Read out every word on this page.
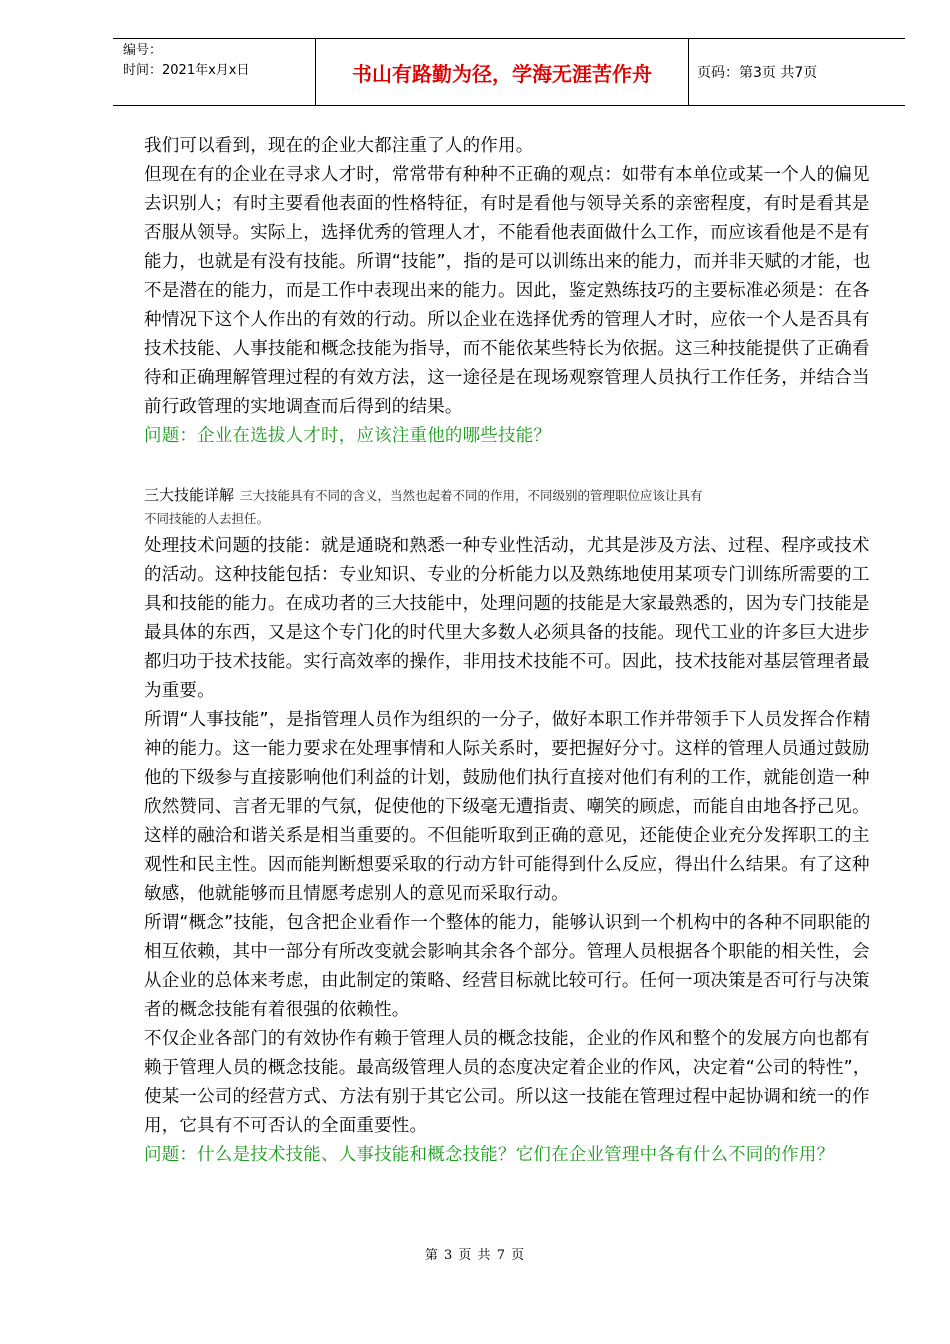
编号：
时间：2021年x月x日	书山有路勤为径，学海无涯苦作舟	页码：第3页 共7页

我们可以看到，现在的企业大都注重了人的作用。

但现在有的企业在寻求人才时，常常带有种种不正确的观点：如带有本单位或某一个人的偏见去识别人；有时主要看他表面的性格特征，有时是看他与领导关系的亲密程度，有时是看其是否服从领导。实际上，选择优秀的管理人才，不能看他表面做什么工作，而应该看他是不是有能力，也就是有没有技能。所谓“技能”，指的是可以训练出来的能力，而并非天赋的才能，也不是潜在的能力，而是工作中表现出来的能力。因此，鉴定熟练技巧的主要标准必须是：在各种情况下这个人作出的有效的行动。所以企业在选择优秀的管理人才时，应依一个人是否具有技术技能、人事技能和概念技能为指导，而不能依某些特长为依据。这三种技能提供了正确看待和正确理解管理过程的有效方法，这一途径是在现场观察管理人员执行工作任务，并结合当前行政管理的实地调查而后得到的结果。

问题：企业在选拔人才时，应该注重他的哪些技能？

三大技能详解 三大技能具有不同的含义，当然也起着不同的作用，不同级别的管理职位应该让具有

不同技能的人去担任。

处理技术问题的技能：就是通晓和熟悉一种专业性活动，尤其是涉及方法、过程、程序或技术的活动。这种技能包括：专业知识、专业的分析能力以及熟练地使用某项专门训练所需要的工具和技能的能力。在成功者的三大技能中，处理问题的技能是大家最熟悉的，因为专门技能是最具体的东西，又是这个专门化的时代里大多数人必须具备的技能。现代工业的许多巨大进步都归功于技术技能。实行高效率的操作，非用技术技能不可。因此，技术技能对基层管理者最为重要。

所谓“人事技能”，是指管理人员作为组织的一分子，做好本职工作并带领手下人员发挥合作精神的能力。这一能力要求在处理事情和人际关系时，要把握好分寸。这样的管理人员通过鼓励他的下级参与直接影响他们利益的计划，鼓励他们执行直接对他们有利的工作，就能创造一种欣然赞同、言者无罪的气氛，促使他的下级毫无遭指责、嘲笑的顾虑，而能自由地各抒己见。这样的融洽和谐关系是相当重要的。不但能听取到正确的意见，还能使企业充分发挥职工的主观性和民主性。因而能判断想要采取的行动方针可能得到什么反应，得出什么结果。有了这种敏感，他就能够而且情愿考虑别人的意见而采取行动。

所谓“概念”技能，包含把企业看作一个整体的能力，能够认识到一个机构中的各种不同职能的相互依赖，其中一部分有所改变就会影响其余各个部分。管理人员根据各个职能的相关性，会从企业的总体来考虑，由此制定的策略、经营目标就比较可行。任何一项决策是否可行与决策者的概念技能有着很强的依赖性。

不仅企业各部门的有效协作有赖于管理人员的概念技能，企业的作风和整个的发展方向也都有赖于管理人员的概念技能。最高级管理人员的态度决定着企业的作风，决定着“公司的特性”，使某一公司的经营方式、方法有别于其它公司。所以这一技能在管理过程中起协调和统一的作用，它具有不可否认的全面重要性。

问题：什么是技术技能、人事技能和概念技能？它们在企业管理中各有什么不同的作用？

第 3 页 共 7 页
